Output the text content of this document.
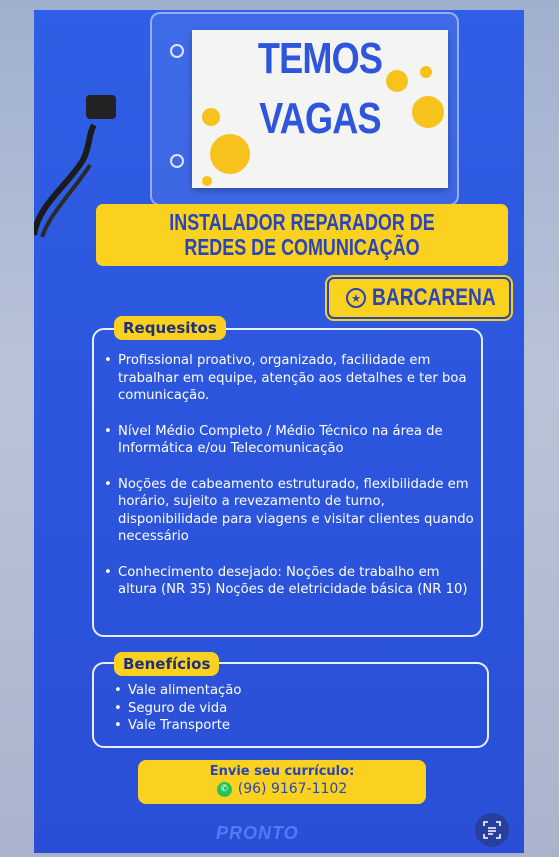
TEMOS
VAGAS
INSTALADOR REPARADOR DE REDES DE COMUNICAÇÃO
★ BARCARENA
Requesitos
• Profissional proativo, organizado, facilidade em trabalhar em equipe, atenção aos detalhes e ter boa comunicação.
• Nível Médio Completo / Médio Técnico na área de Informática e/ou Telecomunicação
• Noções de cabeamento estruturado, flexibilidade em horário, sujeito a revezamento de turno, disponibilidade para viagens e visitar clientes quando necessário
• Conhecimento desejado: Noções de trabalho em altura (NR 35) Noções de eletricidade básica (NR 10)
Benefícios
• Vale alimentação
• Seguro de vida
• Vale Transporte
Envie seu currículo:
✆ (96) 9167-1102
PRONTO
